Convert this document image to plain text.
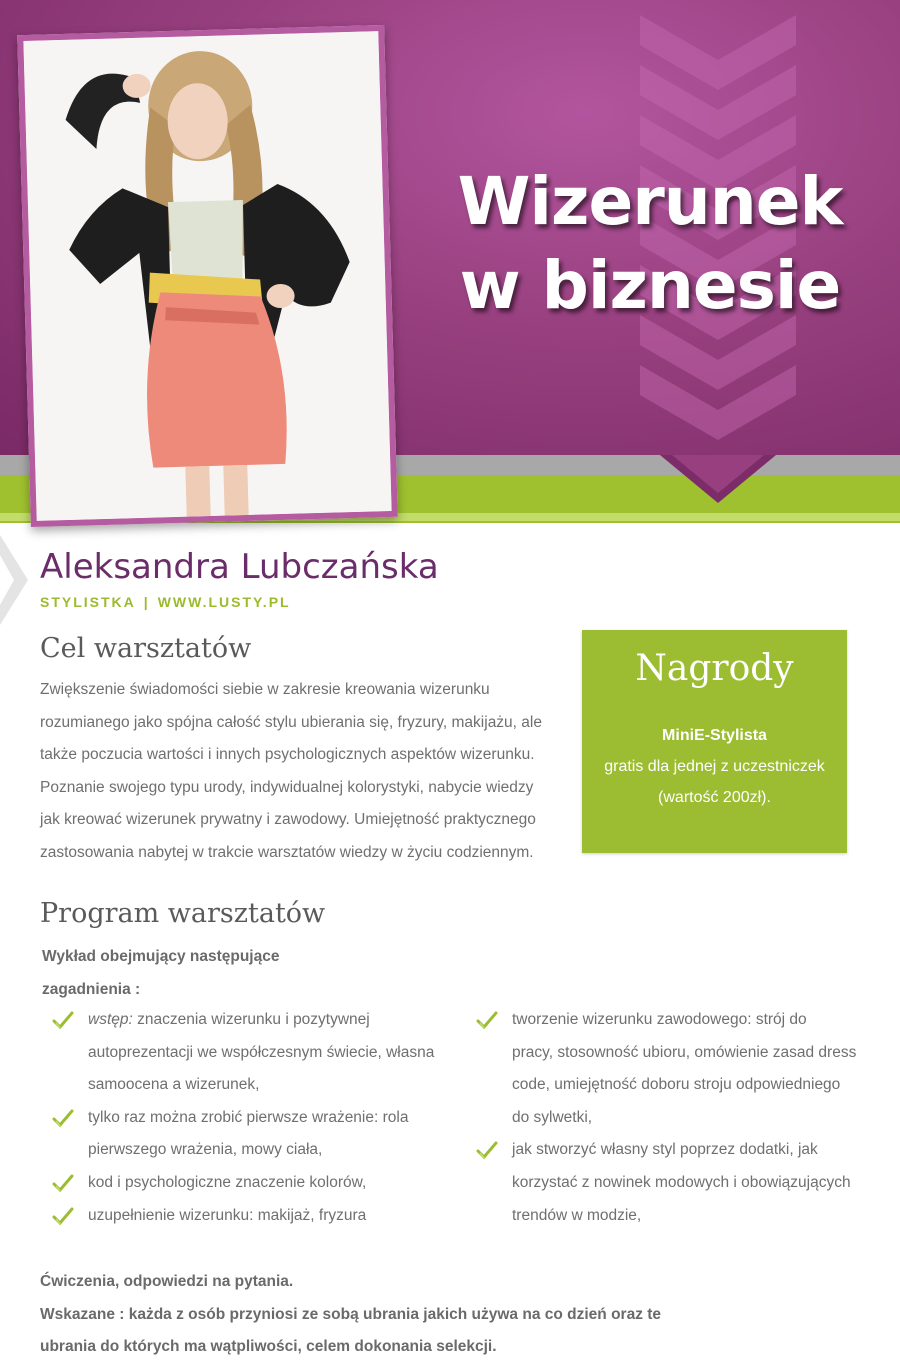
Wizerunek
w biznesie
Aleksandra Lubczańska
STYLISTKA | WWW.LUSTY.PL
Cel warsztatów

Zwiększenie świadomości siebie w zakresie kreowania wizerunku

rozumianego jako spójna całość stylu ubierania się, fryzury, makijażu, ale

także poczucia wartości i innych psychologicznych aspektów wizerunku.

Poznanie swojego typu urody, indywidualnej kolorystyki, nabycie wiedzy

jak kreować wizerunek prywatny i zawodowy. Umiejętność praktycznego

zastosowania nabytej w trakcie warsztatów wiedzy w życiu codziennym.

Nagrody
MiniE-Stylista
gratis dla jednej z uczestniczek
(wartość 200zł).
Program warsztatów
Wykład obejmujący następujące
zagadnienia :
wstęp: znaczenia wizerunku i pozytywnej
autoprezentacji we współczesnym świecie, własna
samoocena a wizerunek,
tylko raz można zrobić pierwsze wrażenie: rola
pierwszego wrażenia, mowy ciała,
kod i psychologiczne znaczenie kolorów,
uzupełnienie wizerunku: makijaż, fryzura
tworzenie wizerunku zawodowego: strój do
pracy, stosowność ubioru, omówienie zasad dress
code, umiejętność doboru stroju odpowiedniego
do sylwetki,
jak stworzyć własny styl poprzez dodatki, jak
korzystać z nowinek modowych i obowiązujących
trendów w modzie,

Ćwiczenia, odpowiedzi na pytania.

Wskazane : każda z osób przyniosi ze sobą ubrania jakich używa na co dzień oraz te

ubrania do których ma wątpliwości, celem dokonania selekcji.
